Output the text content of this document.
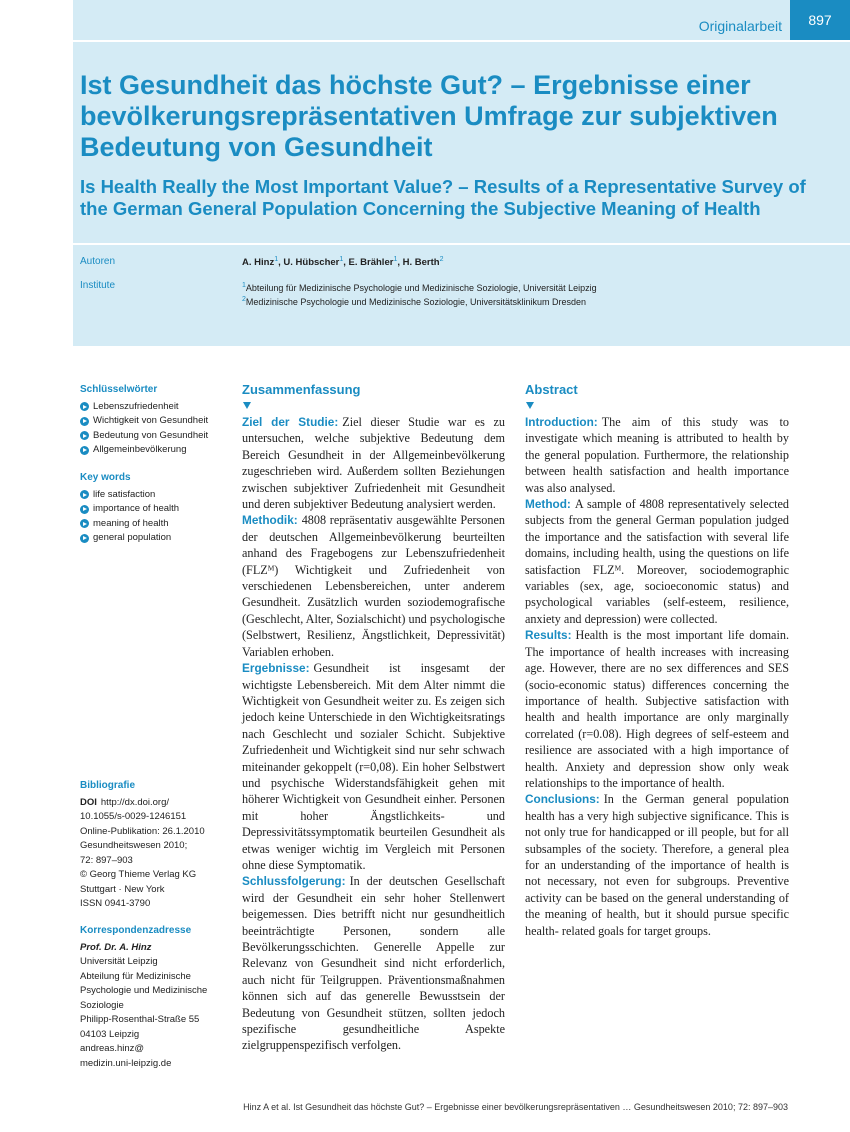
Originalarbeit	897
Ist Gesundheit das höchste Gut? – Ergebnisse einer bevölkerungsrepräsentativen Umfrage zur subjektiven Bedeutung von Gesundheit
Is Health Really the Most Important Value? – Results of a Representative Survey of the German General Population Concerning the Subjective Meaning of Health
Autoren	A. Hinz$^1$, U. Hübscher$^1$, E. Brähler$^1$, H. Berth$^2$
Institute	$^1$Abteilung für Medizinische Psychologie und Medizinische Soziologie, Universität Leipzig
$^2$Medizinische Psychologie und Medizinische Soziologie, Universitätsklinikum Dresden
Schlüsselwörter
Lebenszufriedenheit
Wichtigkeit von Gesundheit
Bedeutung von Gesundheit
Allgemeinbevölkerung
Key words
life satisfaction
importance of health
meaning of health
general population
Bibliografie
DOI http://dx.doi.org/
10.1055/s-0029-1246151
Online-Publikation: 26.1.2010
Gesundheitswesen 2010;
72: 897–903
© Georg Thieme Verlag KG
Stuttgart · New York
ISSN 0941-3790
Korrespondenzadresse
Prof. Dr. A. Hinz
Universität Leipzig
Abteilung für Medizinische
Psychologie und Medizinische
Soziologie
Philipp-Rosenthal-Straße 55
04103 Leipzig
andreas.hinz@
medizin.uni-leipzig.de
Zusammenfassung

Ziel der Studie: Ziel dieser Studie war es zu untersuchen, welche subjektive Bedeutung dem Bereich Gesundheit in der Allgemeinbevölkerung zugeschrieben wird. Außerdem sollten Beziehungen zwischen subjektiver Zufriedenheit mit Gesundheit und deren subjektiver Bedeutung analysiert werden.

Methodik: 4808 repräsentativ ausgewählte Personen der deutschen Allgemeinbevölkerung beurteilten anhand des Fragebogens zur Lebenszufriedenheit (FLZᴹ) Wichtigkeit und Zufriedenheit von verschiedenen Lebensbereichen, unter anderem Gesundheit. Zusätzlich wurden soziodemografische (Geschlecht, Alter, Sozialschicht) und psychologische (Selbstwert, Resilienz, Ängstlichkeit, Depressivität) Variablen erhoben.

Ergebnisse: Gesundheit ist insgesamt der wichtigste Lebensbereich. Mit dem Alter nimmt die Wichtigkeit von Gesundheit weiter zu. Es zeigen sich jedoch keine Unterschiede in den Wichtigkeitsratings nach Geschlecht und sozialer Schicht. Subjektive Zufriedenheit und Wichtigkeit sind nur sehr schwach miteinander gekoppelt (r=0,08). Ein hoher Selbstwert und psychische Widerstandsfähigkeit gehen mit höherer Wichtigkeit von Gesundheit einher. Personen mit hoher Ängstlichkeits- und Depressivitätssymptomatik beurteilen Gesundheit als etwas weniger wichtig im Vergleich mit Personen ohne diese Symptomatik.

Schlussfolgerung: In der deutschen Gesellschaft wird der Gesundheit ein sehr hoher Stellenwert beigemessen. Dies betrifft nicht nur gesundheitlich beeinträchtigte Personen, sondern alle Bevölkerungsschichten. Generelle Appelle zur Relevanz von Gesundheit sind nicht erforderlich, auch nicht für Teilgruppen. Präventionsmaßnahmen können sich auf das generelle Bewusstsein der Bedeutung von Gesundheit stützen, sollten jedoch spezifische gesundheitliche Aspekte zielgruppenspezifisch verfolgen.

Abstract

Introduction: The aim of this study was to investigate which meaning is attributed to health by the general population. Furthermore, the relationship between health satisfaction and health importance was also analysed.

Method: A sample of 4808 representatively selected subjects from the general German population judged the importance and the satisfaction with several life domains, including health, using the questions on life satisfaction FLZᴹ. Moreover, sociodemographic variables (sex, age, socioeconomic status) and psychological variables (self-esteem, resilience, anxiety and depression) were collected.

Results: Health is the most important life domain. The importance of health increases with increasing age. However, there are no sex differences and SES (socio-economic status) differences concerning the importance of health. Subjective satisfaction with health and health importance are only marginally correlated (r=0.08). High degrees of self-esteem and resilience are associated with a high importance of health. Anxiety and depression show only weak relationships to the importance of health.

Conclusions: In the German general population health has a very high subjective significance. This is not only true for handicapped or ill people, but for all subsamples of the society. Therefore, a general plea for an understanding of the importance of health is not necessary, not even for subgroups. Preventive activity can be based on the general understanding of the meaning of health, but it should pursue specific health- related goals for target groups.

Hinz A et al. Ist Gesundheit das höchste Gut? – Ergebnisse einer bevölkerungsrepräsentativen … Gesundheitswesen 2010; 72: 897–903
